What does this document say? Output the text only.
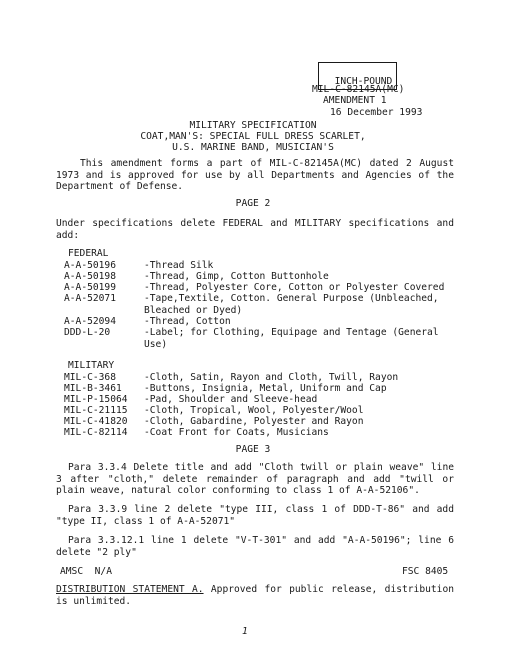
INCH-POUND

MIL-C-82145A(MC)
AMENDMENT 1
16 December 1993
MILITARY SPECIFICATION
COAT,MAN'S: SPECIAL FULL DRESS SCARLET,
U.S. MARINE BAND, MUSICIAN'S
This amendment forms a part of MIL-C-82145A(MC) dated 2 August 1973 and is approved for use by all Departments and Agencies of the Department of Defense.
PAGE 2
Under specifications delete FEDERAL and MILITARY specifications and add:
FEDERAL
A-A-50196	-Thread Silk
A-A-50198	-Thread, Gimp, Cotton Buttonhole
A-A-50199	-Thread, Polyester Core, Cotton or Polyester Covered
A-A-52071	-Tape,Textile, Cotton. General Purpose (Unbleached, Bleached or Dyed)
A-A-52094	-Thread, Cotton
DDD-L-20	-Label; for Clothing, Equipage and Tentage (General Use)
MILITARY
MIL-C-368	-Cloth, Satin, Rayon and Cloth, Twill, Rayon
MIL-B-3461 -Buttons, Insignia, Metal, Uniform and Cap
MIL-P-15064 -Pad, Shoulder and Sleeve-head
MIL-C-21115 -Cloth, Tropical, Wool, Polyester/Wool
MIL-C-41820 -Cloth, Gabardine, Polyester and Rayon
MIL-C-82114 -Coat Front for Coats, Musicians
PAGE 3
Para 3.3.4 Delete title and add "Cloth twill or plain weave" line 3 after "cloth," delete remainder of paragraph and add "twill or plain weave, natural color conforming to class 1 of A-A-52106".
Para 3.3.9 line 2 delete "type III, class 1 of DDD-T-86" and add "type II, class 1 of A-A-52071"
Para 3.3.12.1 line 1 delete "V-T-301" and add "A-A-50196"; line 6 delete "2 ply"
AMSC  N/A	FSC 8405
DISTRIBUTION STATEMENT A. Approved for public release, distribution is unlimited.
1
